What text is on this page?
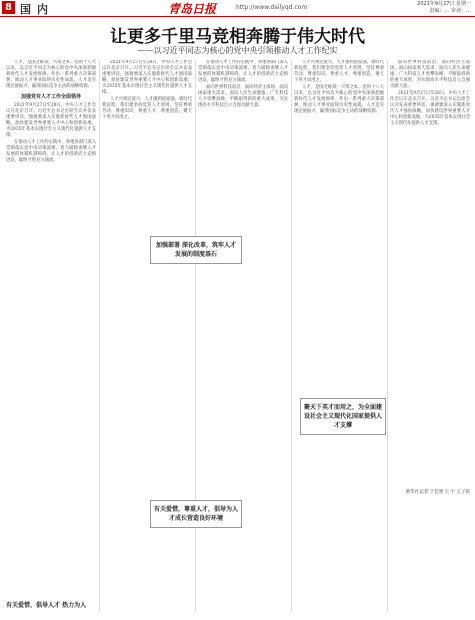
8 国内	青岛日报	http://www.dailyqd.com	2021年9月27日 星期一
责编：… 审读：…
让更多千里马竞相奔腾于伟大时代
——以习近平同志为核心的党中央引领推动人才工作纪实

人才，是国之栋梁，兴邦之本。党的十八大以来，以习近平同志为核心的党中央深刻把握新时代人才发展规律，作出一系列重大决策部署，推动人才事业取得历史性成就。人才是实现民族振兴、赢得国际竞争主动的战略资源。

加强党对人才工作全面领导

2021年9月27日至28日，中央人才工作会议在北京召开。习近平总书记出席会议并发表重要讲话，强调要深入实施新时代人才强国战略，加快建设世界重要人才中心和创新高地，为2035年基本实现社会主义现代化提供人才支撑。

在推动人才工作的实践中，各地各部门深入贯彻落实党中央决策部署，着力破除束缚人才发展的体制机制障碍，让人才的创新活力竞相迸发，聪明才智充分涌流。

2021年9月27日至28日，中央人才工作会议在北京召开。习近平总书记出席会议并发表重要讲话，强调要深入实施新时代人才强国战略，加快建设世界重要人才中心和创新高地，为2035年基本实现社会主义现代化提供人才支撑。

人才兴则民族兴，人才强则国家强。新时代新征程，我们要坚持党管人才原则，坚持尊重劳动、尊重知识、尊重人才、尊重创造，聚天下英才而用之。

在推动人才工作的实践中，各地各部门深入贯彻落实党中央决策部署，着力破除束缚人才发展的体制机制障碍，让人才的创新活力竞相迸发，聪明才智充分涌流。

面向世界科技前沿、面向经济主战场、面向国家重大需求、面向人民生命健康，广大科技人才勇攀高峰，不断取得新的重大成果，为实现高水平科技自立自强贡献力量。

人才兴则民族兴，人才强则国家强。新时代新征程，我们要坚持党管人才原则，坚持尊重劳动、尊重知识、尊重人才、尊重创造，聚天下英才而用之。

人才，是国之栋梁，兴邦之本。党的十八大以来，以习近平同志为核心的党中央深刻把握新时代人才发展规律，作出一系列重大决策部署，推动人才事业取得历史性成就。人才是实现民族振兴、赢得国际竞争主动的战略资源。

面向世界科技前沿、面向经济主战场、面向国家重大需求、面向人民生命健康，广大科技人才勇攀高峰，不断取得新的重大成果，为实现高水平科技自立自强贡献力量。

2021年9月27日至28日，中央人才工作会议在北京召开。习近平总书记出席会议并发表重要讲话，强调要深入实施新时代人才强国战略，加快建设世界重要人才中心和创新高地，为2035年基本实现社会主义现代化提供人才支撑。

加强部署 深化改革，筑牢人才发展的制度基石
聚天下英才而用之，为全面建设社会主义现代化国家提供人才支撑
有关爱惜，尊重人才，倡导为人才成长营造良好环境
新华社记者 于佳欣 王 宇 王子铭
有关爱惜、倡导人才 热力为人
